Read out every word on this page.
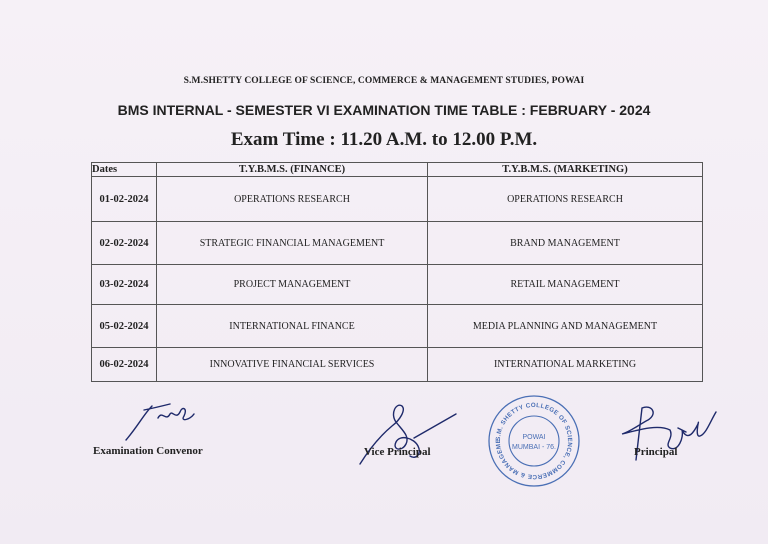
S.M.SHETTY COLLEGE OF SCIENCE, COMMERCE & MANAGEMENT STUDIES, POWAI
BMS INTERNAL - SEMESTER VI EXAMINATION TIME TABLE : FEBRUARY - 2024
Exam Time : 11.20 A.M. to 12.00 P.M.
Dates	T.Y.B.M.S. (FINANCE)	T.Y.B.M.S. (MARKETING)
01-02-2024	OPERATIONS RESEARCH	OPERATIONS RESEARCH
02-02-2024	STRATEGIC FINANCIAL MANAGEMENT	BRAND MANAGEMENT
03-02-2024	PROJECT MANAGEMENT	RETAIL MANAGEMENT
05-02-2024	INTERNATIONAL FINANCE	MEDIA PLANNING AND MANAGEMENT
06-02-2024	INNOVATIVE FINANCIAL SERVICES	INTERNATIONAL MARKETING
Examination Convenor	Vice Principal
S.M. SHETTY COLLEGE OF SCIENCE, COMMERCE & MANAGEME
POWAI
MUMBAI - 76.	Principal
